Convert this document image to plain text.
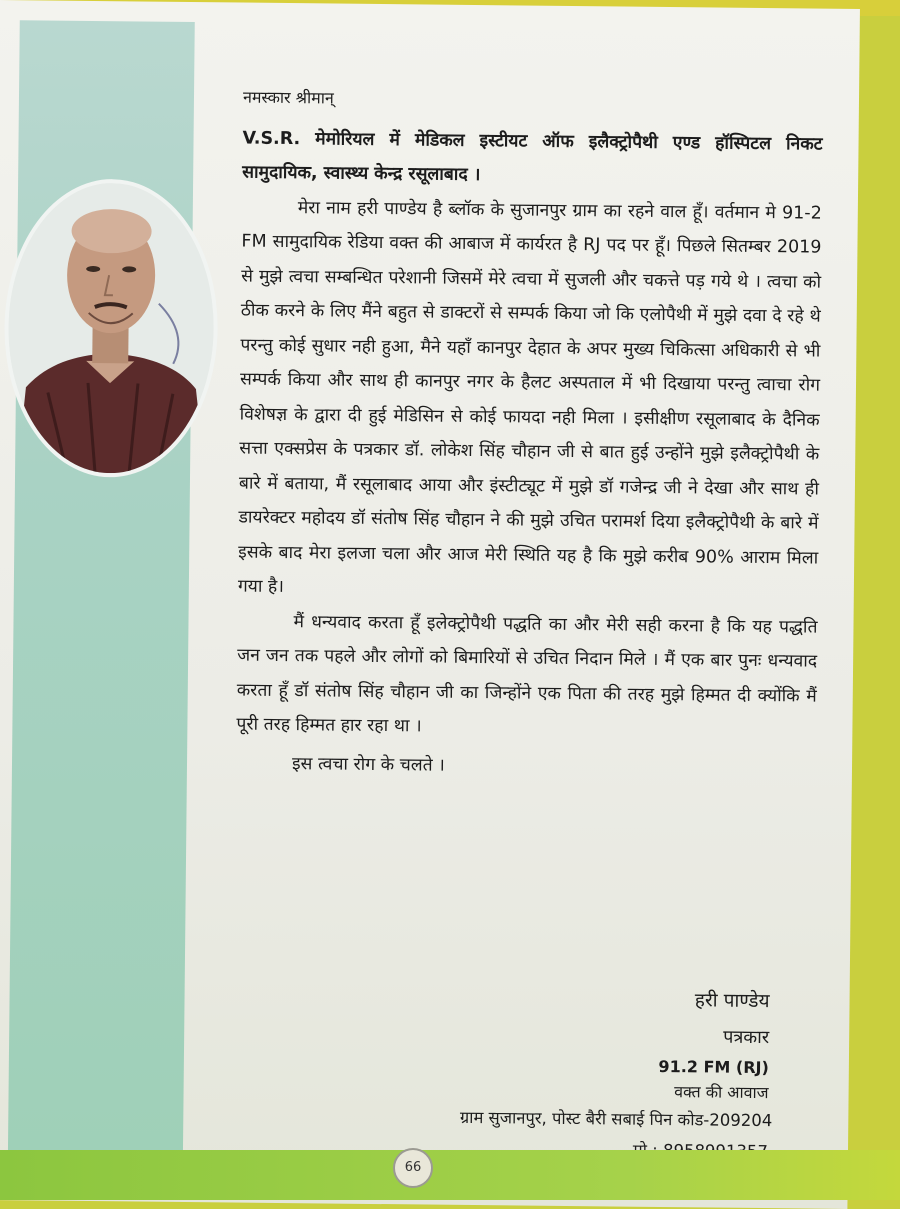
नमस्कार श्रीमान्

V.S.R. मेमोरियल में मेडिकल इस्टीयट ऑफ इलैक्ट्रोपैथी एण्ड हॉस्पिटल निकट सामुदायिक, स्वास्थ्य केन्द्र रसूलाबाद ।

मेरा नाम हरी पाण्डेय है ब्लॉक के सुजानपुर ग्राम का रहने वाल हूँ। वर्तमान मे 91-2 FM सामुदायिक रेडिया वक्त की आबाज में कार्यरत है RJ पद पर हूँ। पिछले सितम्बर 2019 से मुझे त्वचा सम्बन्धित परेशानी जिसमें मेरे त्वचा में सुजली और चकत्ते पड़ गये थे । त्वचा को ठीक करने के लिए मैंने बहुत से डाक्टरों से सम्पर्क किया जो कि एलोपैथी में मुझे दवा दे रहे थे परन्तु कोई सुधार नही हुआ, मैने यहाँ कानपुर देहात के अपर मुख्य चिकित्सा अधिकारी से भी सम्पर्क किया और साथ ही कानपुर नगर के हैलट अस्पताल में भी दिखाया परन्तु त्वाचा रोग विशेषज्ञ के द्वारा दी हुई मेडिसिन से कोई फायदा नही मिला । इसीक्षीण रसूलाबाद के दैनिक सत्ता एक्सप्रेस के पत्रकार डॉ. लोकेश सिंह चौहान जी से बात हुई उन्होंने मुझे इलैक्ट्रोपैथी के बारे में बताया, मैं रसूलाबाद आया और इंस्टीट्यूट में मुझे डॉ गजेन्द्र जी ने देखा और साथ ही डायरेक्टर महोदय डॉ संतोष सिंह चौहान ने की मुझे उचित परामर्श दिया इलैक्ट्रोपैथी के बारे में इसके बाद मेरा इलजा चला और आज मेरी स्थिति यह है कि मुझे करीब 90% आराम मिला गया है।

मैं धन्यवाद करता हूँ इलेक्ट्रोपैथी पद्धति का और मेरी सही करना है कि यह पद्धति जन जन तक पहले और लोगों को बिमारियों से उचित निदान मिले । मैं एक बार पुनः धन्यवाद करता हूँ डॉ संतोष सिंह चौहान जी का जिन्होंने एक पिता की तरह मुझे हिम्मत दी क्योंकि मैं पूरी तरह हिम्मत हार रहा था ।

इस त्वचा रोग के चलते ।

हरी पाण्डेय
पत्रकार
91.2 FM (RJ)
वक्त की आवाज
ग्राम सुजानपुर, पोस्ट बैरी सबाई पिन कोड-209204
66
